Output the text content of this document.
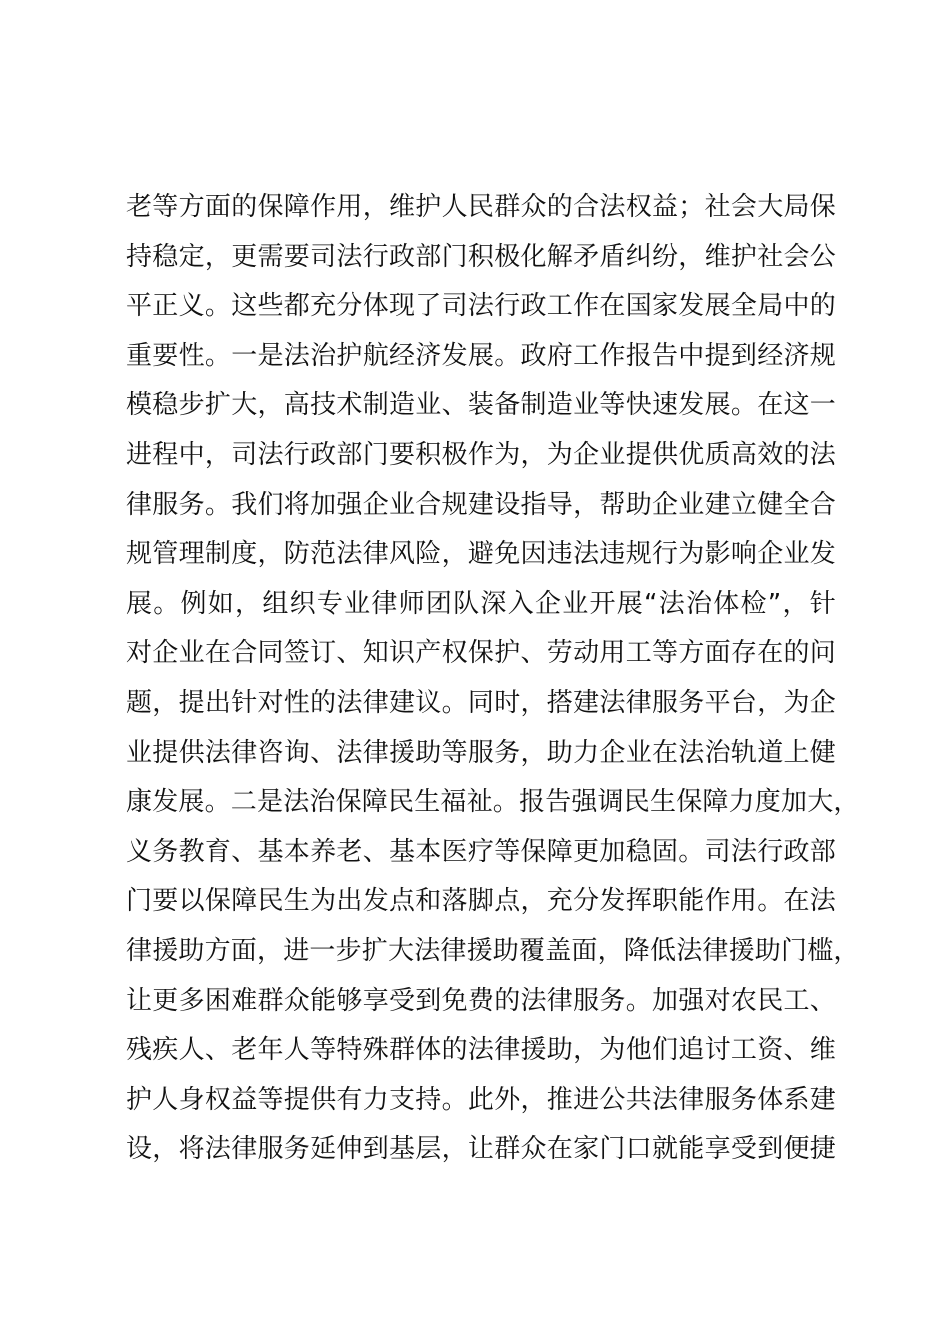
老等方面的保障作用，维护人民群众的合法权益；社会大局保
持稳定，更需要司法行政部门积极化解矛盾纠纷，维护社会公
平正义。这些都充分体现了司法行政工作在国家发展全局中的
重要性。一是法治护航经济发展。政府工作报告中提到经济规
模稳步扩大，高技术制造业、装备制造业等快速发展。在这一
进程中，司法行政部门要积极作为，为企业提供优质高效的法
律服务。我们将加强企业合规建设指导，帮助企业建立健全合
规管理制度，防范法律风险，避免因违法违规行为影响企业发
展。例如，组织专业律师团队深入企业开展“法治体检”，针
对企业在合同签订、知识产权保护、劳动用工等方面存在的问
题，提出针对性的法律建议。同时，搭建法律服务平台，为企
业提供法律咨询、法律援助等服务，助力企业在法治轨道上健
康发展。二是法治保障民生福祉。报告强调民生保障力度加大，
义务教育、基本养老、基本医疗等保障更加稳固。司法行政部
门要以保障民生为出发点和落脚点，充分发挥职能作用。在法
律援助方面，进一步扩大法律援助覆盖面，降低法律援助门槛，
让更多困难群众能够享受到免费的法律服务。加强对农民工、
残疾人、老年人等特殊群体的法律援助，为他们追讨工资、维
护人身权益等提供有力支持。此外，推进公共法律服务体系建
设，将法律服务延伸到基层，让群众在家门口就能享受到便捷
